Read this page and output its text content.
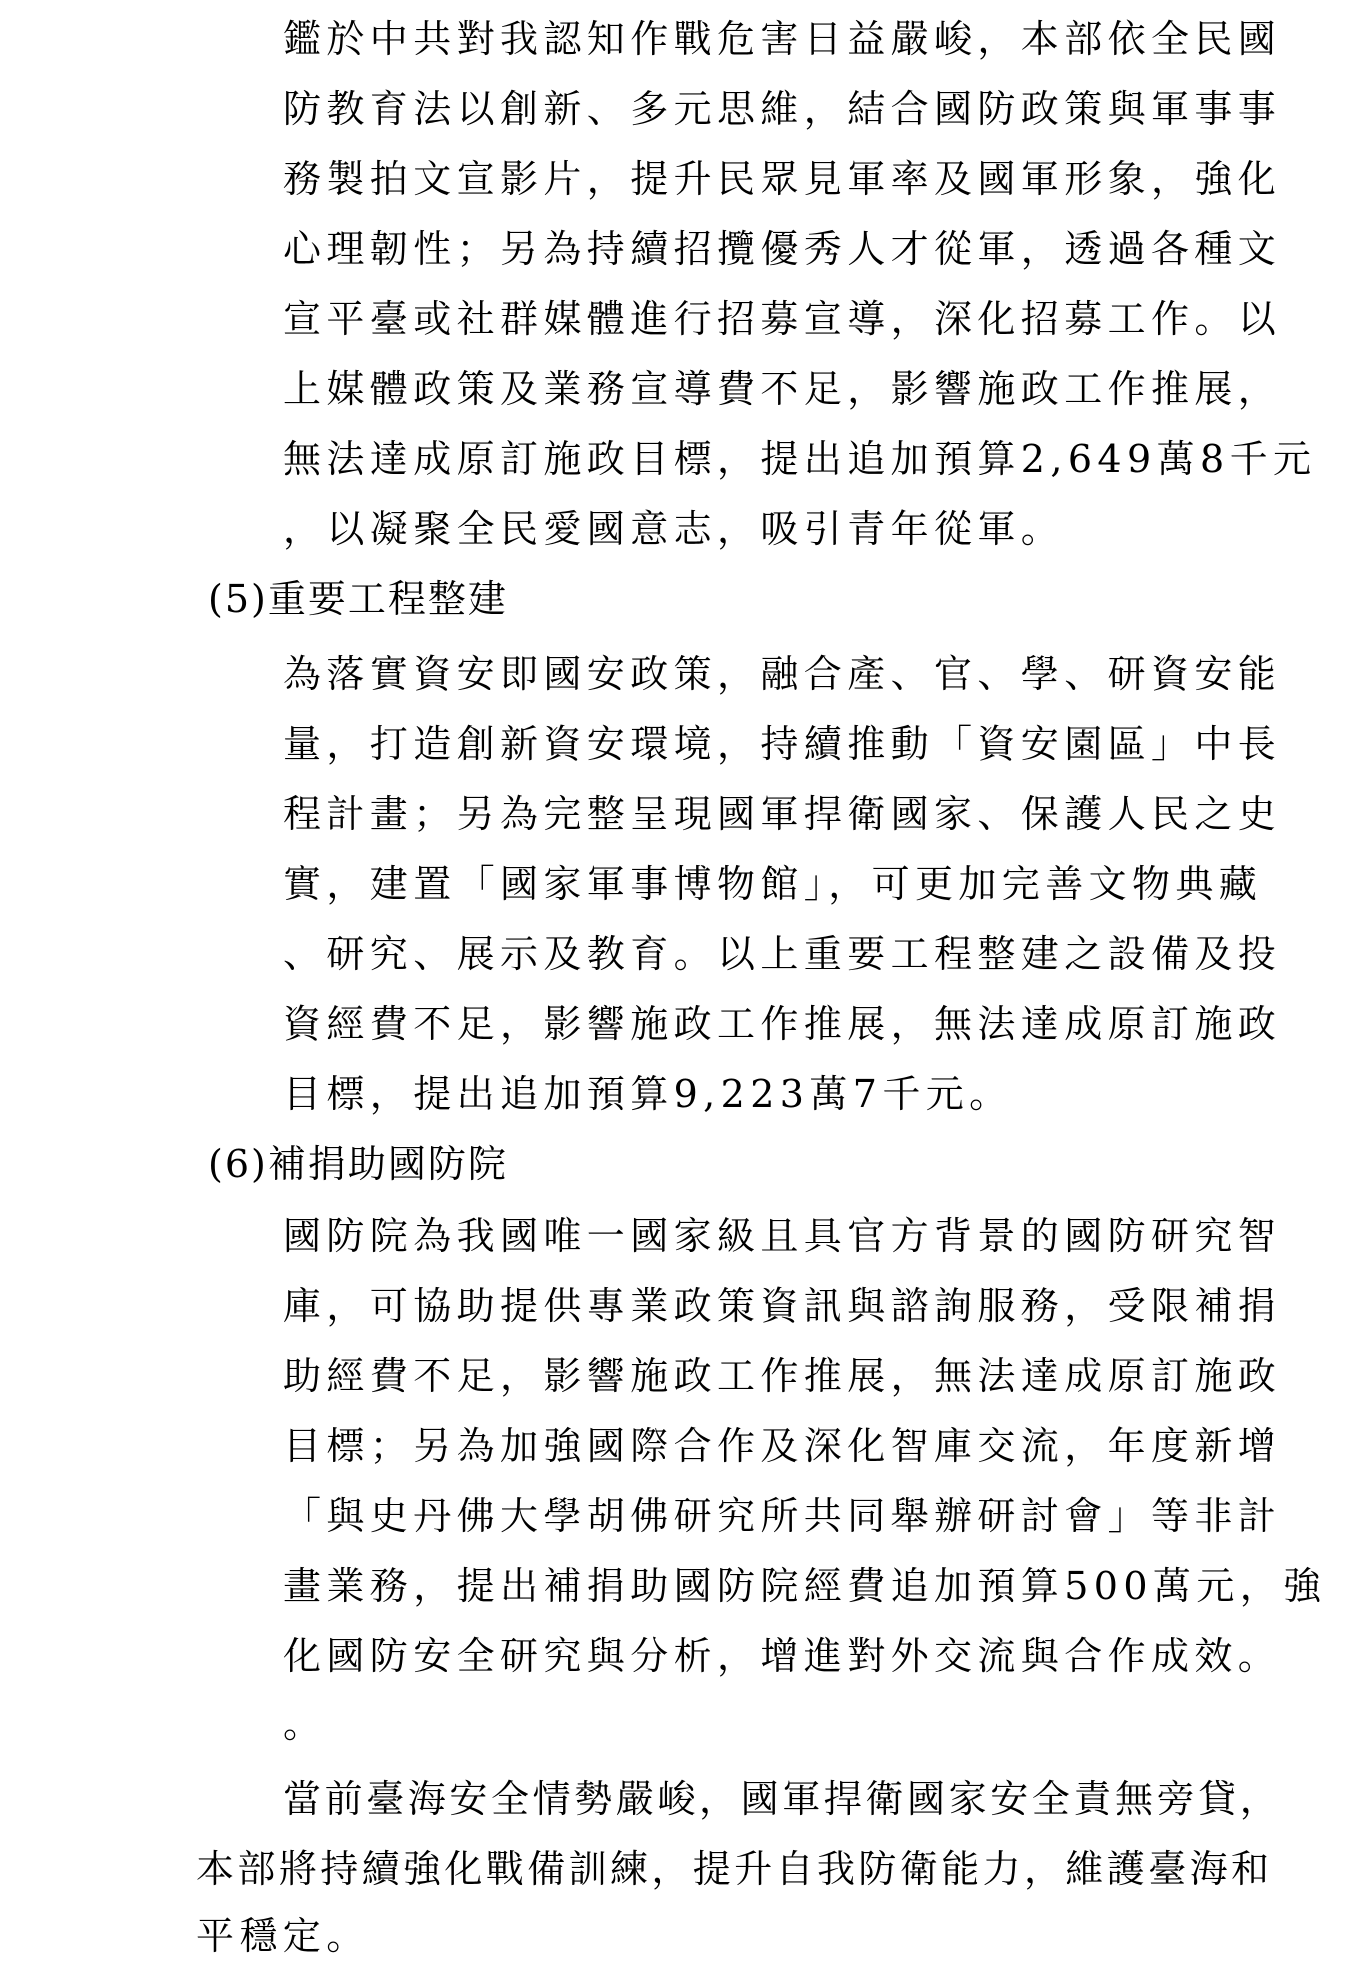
鑑於中共對我認知作戰危害日益嚴峻，本部依全民國
防教育法以創新、多元思維，結合國防政策與軍事事
務製拍文宣影片，提升民眾見軍率及國軍形象，強化
心理韌性；另為持續招攬優秀人才從軍，透過各種文
宣平臺或社群媒體進行招募宣導，深化招募工作。以
上媒體政策及業務宣導費不足，影響施政工作推展，
無法達成原訂施政目標，提出追加預算2,649萬8千元
，以凝聚全民愛國意志，吸引青年從軍。
(5)重要工程整建
為落實資安即國安政策，融合產、官、學、研資安能
量，打造創新資安環境，持續推動「資安園區」中長
程計畫；另為完整呈現國軍捍衛國家、保護人民之史
實，建置「國家軍事博物館」，可更加完善文物典藏
、研究、展示及教育。以上重要工程整建之設備及投
資經費不足，影響施政工作推展，無法達成原訂施政
目標，提出追加預算9,223萬7千元。
(6)補捐助國防院
國防院為我國唯一國家級且具官方背景的國防研究智
庫，可協助提供專業政策資訊與諮詢服務，受限補捐
助經費不足，影響施政工作推展，無法達成原訂施政
目標；另為加強國際合作及深化智庫交流，年度新增
「與史丹佛大學胡佛研究所共同舉辦研討會」等非計
畫業務，提出補捐助國防院經費追加預算500萬元，強
化國防安全研究與分析，增進對外交流與合作成效。
。
當前臺海安全情勢嚴峻，國軍捍衛國家安全責無旁貸，
本部將持續強化戰備訓練，提升自我防衛能力，維護臺海和
平穩定。
